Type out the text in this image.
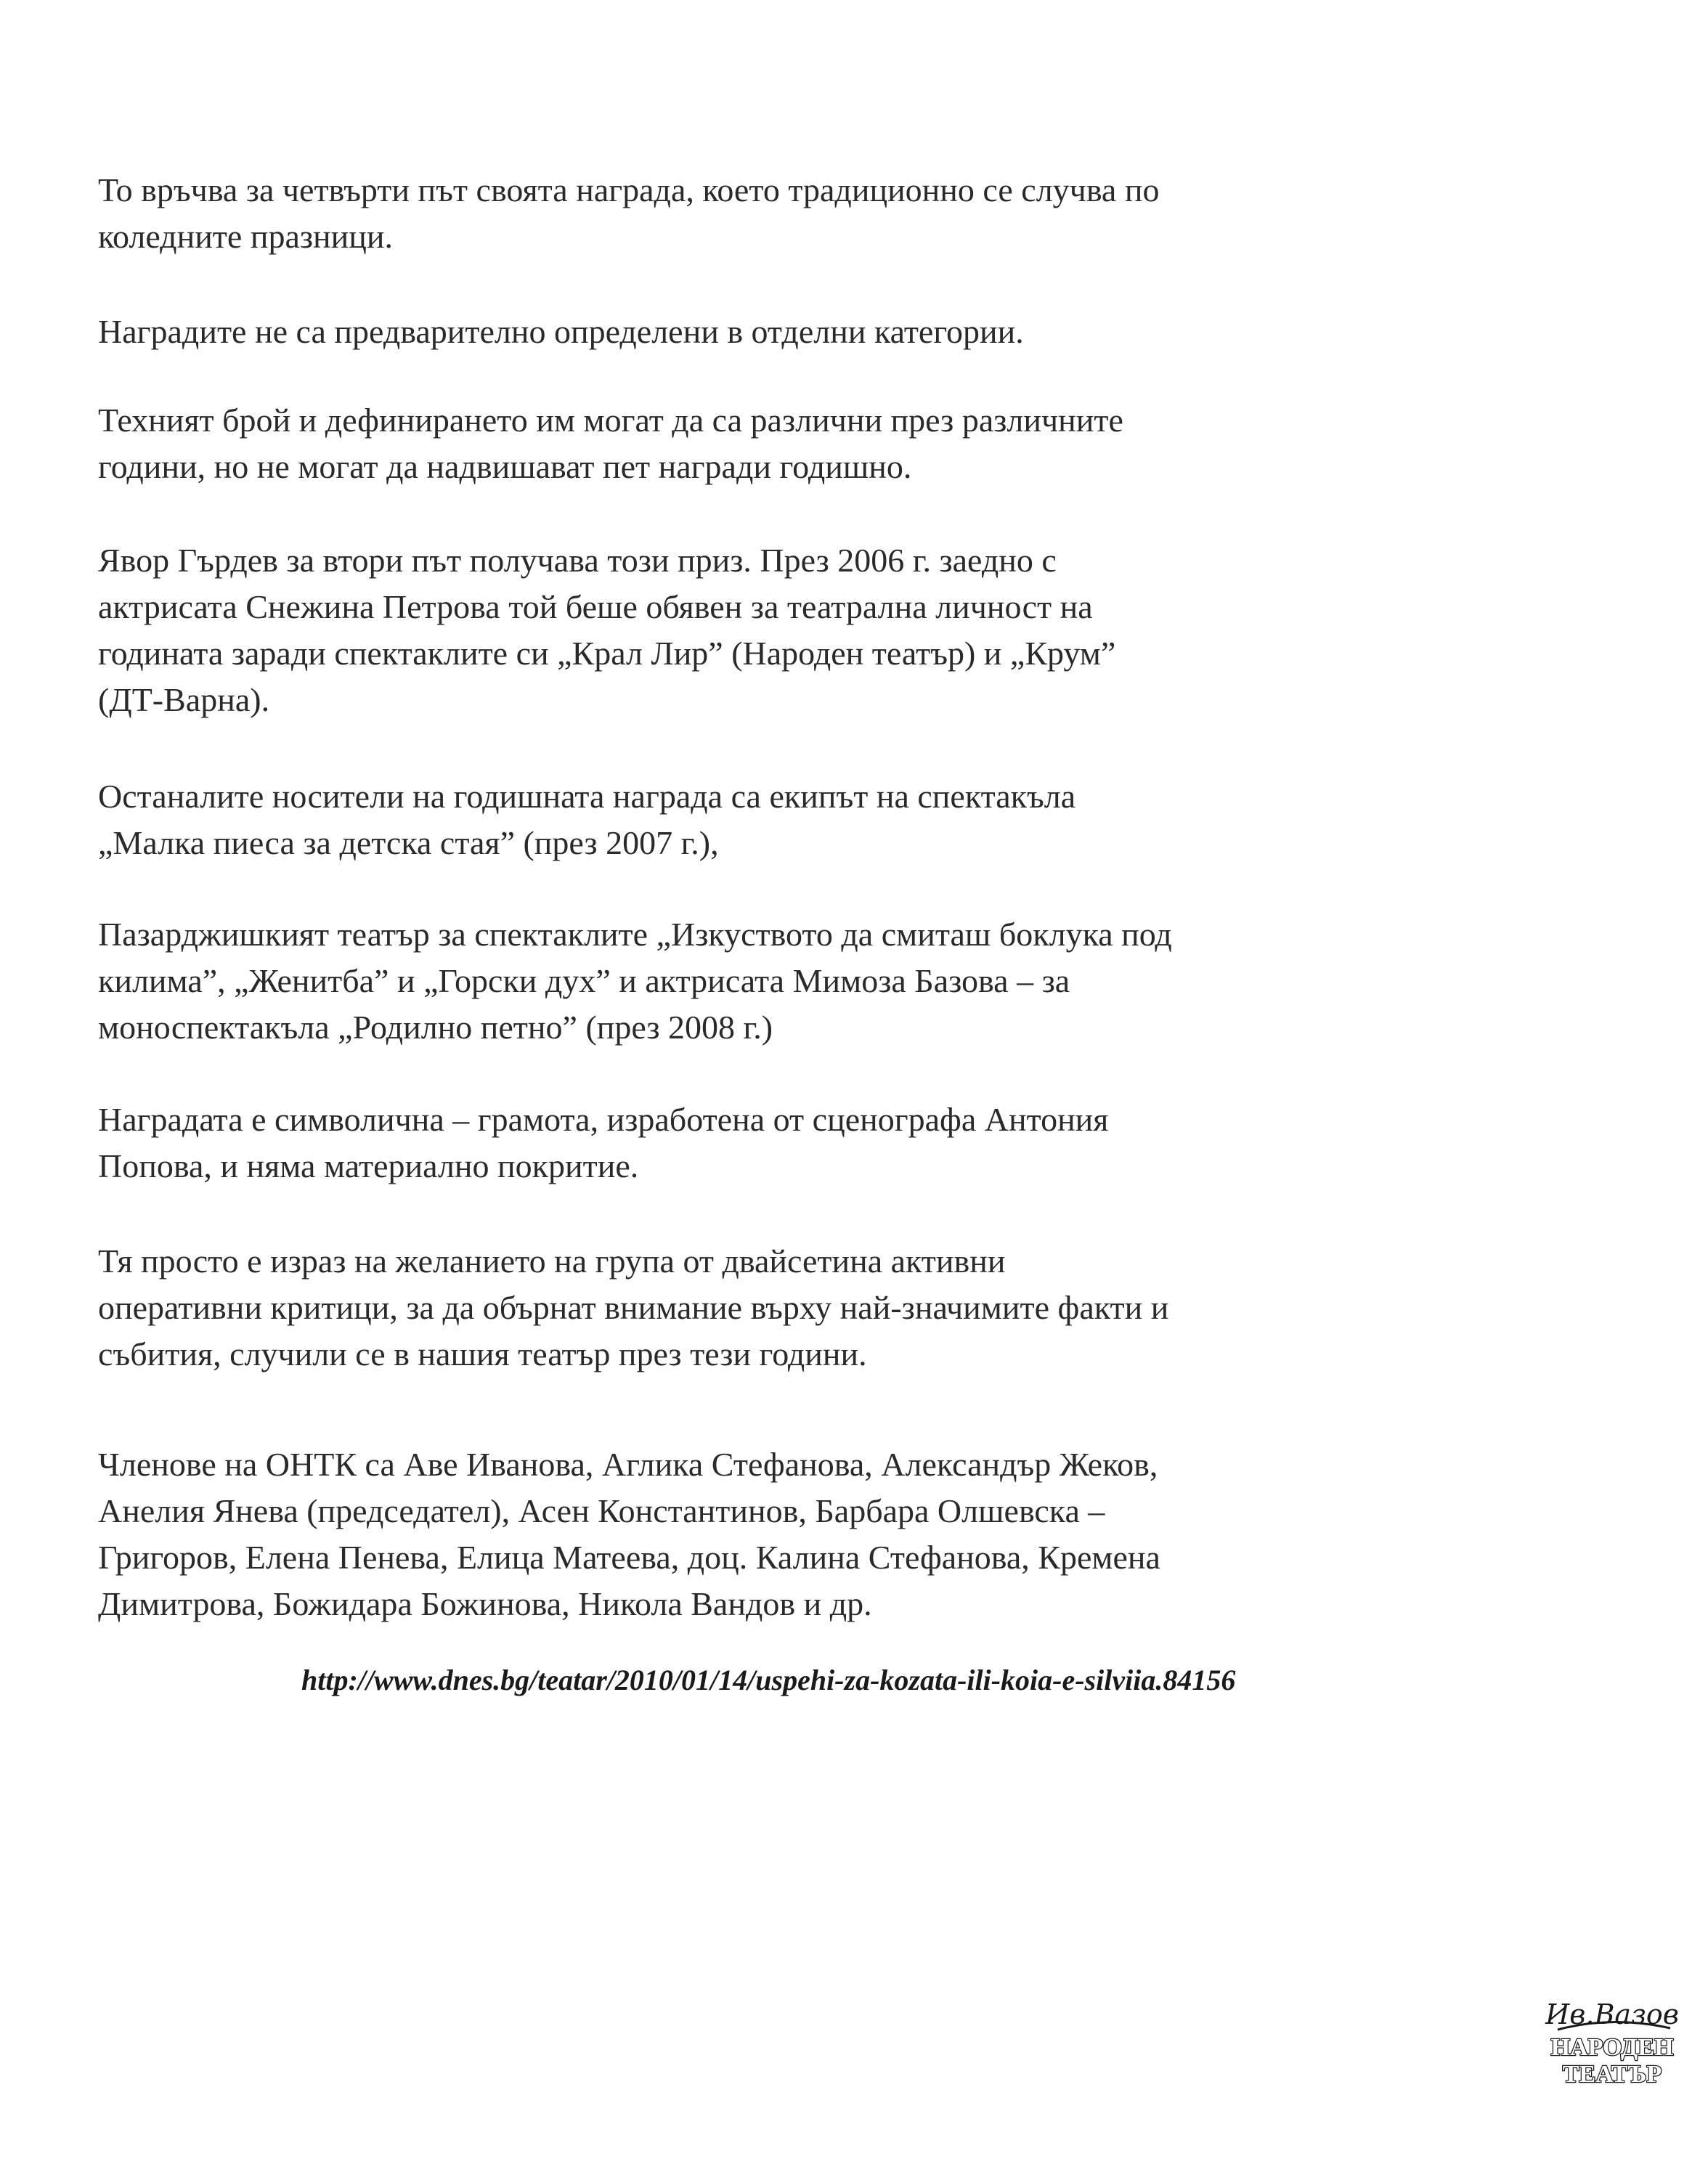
То връчва за четвърти път своята награда, което традиционно се случва по
коледните празници.

Наградите не са предварително определени в отделни категории.

Техният брой и дефинирането им могат да са различни през различните
години, но не могат да надвишават пет награди годишно.

Явор Гърдев за втори път получава този приз. През 2006 г. заедно с
актрисата Снежина Петрова той беше обявен за театрална личност на
годината заради спектаклите си „Крал Лир” (Народен театър) и „Крум”
(ДТ-Варна).

Останалите носители на годишната награда са екипът на спектакъла
„Малка пиеса за детска стая” (през 2007 г.),

Пазарджишкият театър за спектаклите „Изкуството да смиташ боклука под
килима”, „Женитба” и „Горски дух” и актрисата Мимоза Базова – за
моноспектакъла „Родилно петно” (през 2008 г.)

Наградата е символична – грамота, изработена от сценографа Антония
Попова, и няма материално покритие.

Тя просто е израз на желанието на група от двайсетина активни
оперативни критици, за да обърнат внимание върху най-значимите факти и
събития, случили се в нашия театър през тези години.

Членове на ОНТК са Аве Иванова, Аглика Стефанова, Александър Жеков,
Анелия Янева (председател), Асен Константинов, Барбара Олшевска –
Григоров, Елена Пенева, Елица Матеева, доц. Калина Стефанова, Кремена
Димитрова, Божидара Божинова, Никола Вандов и др.

http://www.dnes.bg/teatar/2010/01/14/uspehi-za-kozata-ili-koia-e-silviia.84156
Ив.Вазов
НАРОДЕН
ТЕАТЪР
